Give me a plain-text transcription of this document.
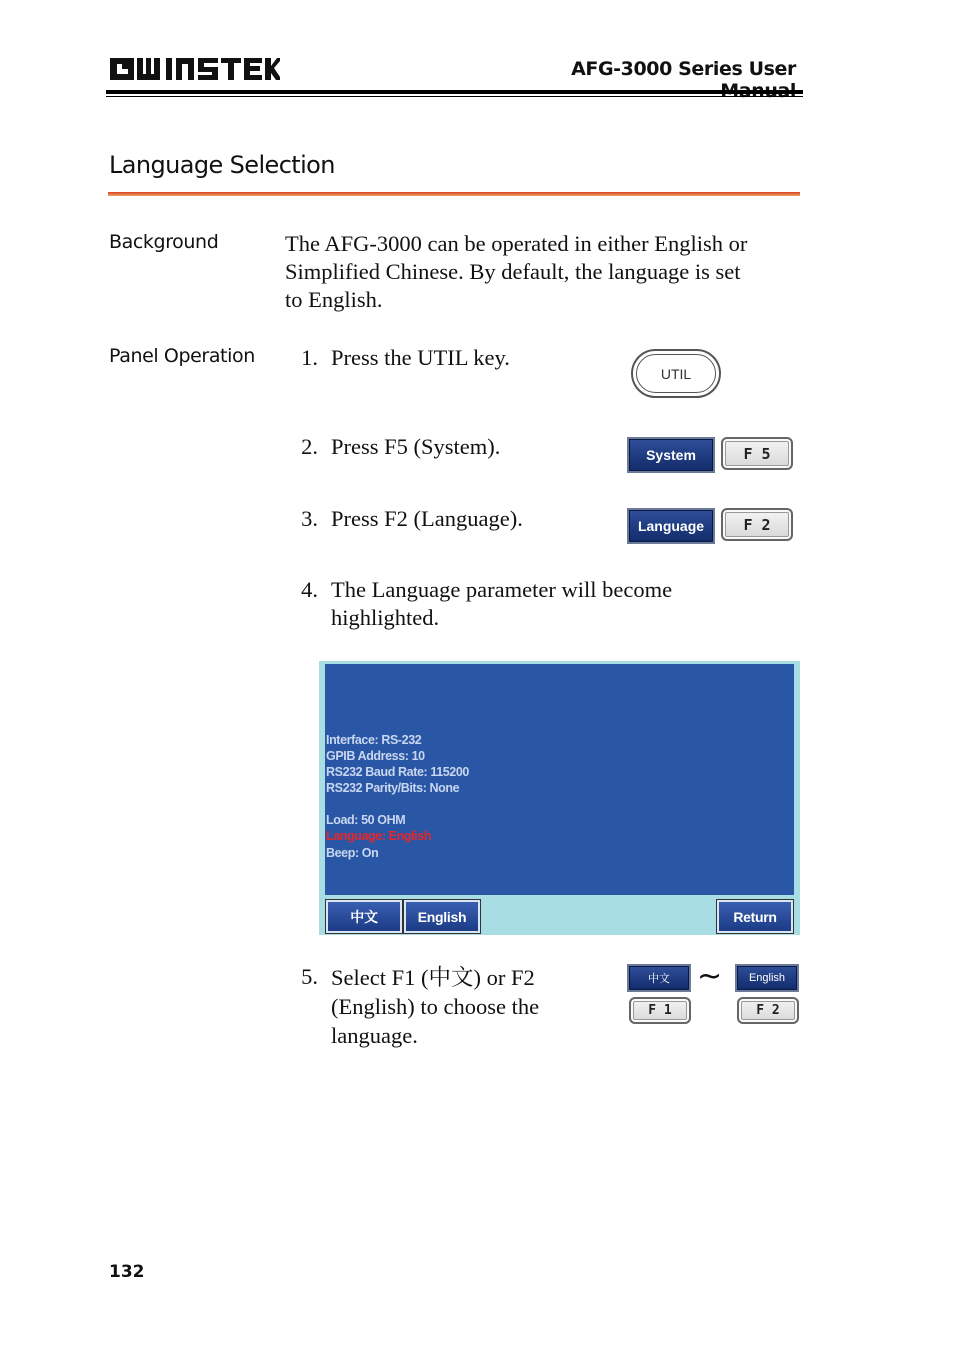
AFG-3000 Series User
Language Selection
Background	The AFG-3000 can be operated in either English or
Simplified Chinese. By default, the language is set
to English.
Panel Operation	1. Press the UTIL key.
UTIL
2. Press F5 (System).	System	F 5
3. Press F2 (Language).	Language	F 2
4. The Language parameter will become
highlighted.
Interface: RS-232
GPIB Address: 10
RS232 Baud Rate: 115200
RS232 Parity/Bits: None
Load: 50 OHM
Language: English
Beep: On
中文	English	Return
5. Select F1 (中文) or F2
(English) to choose the
language.
中文 ~	English
F 1	F 2
132
